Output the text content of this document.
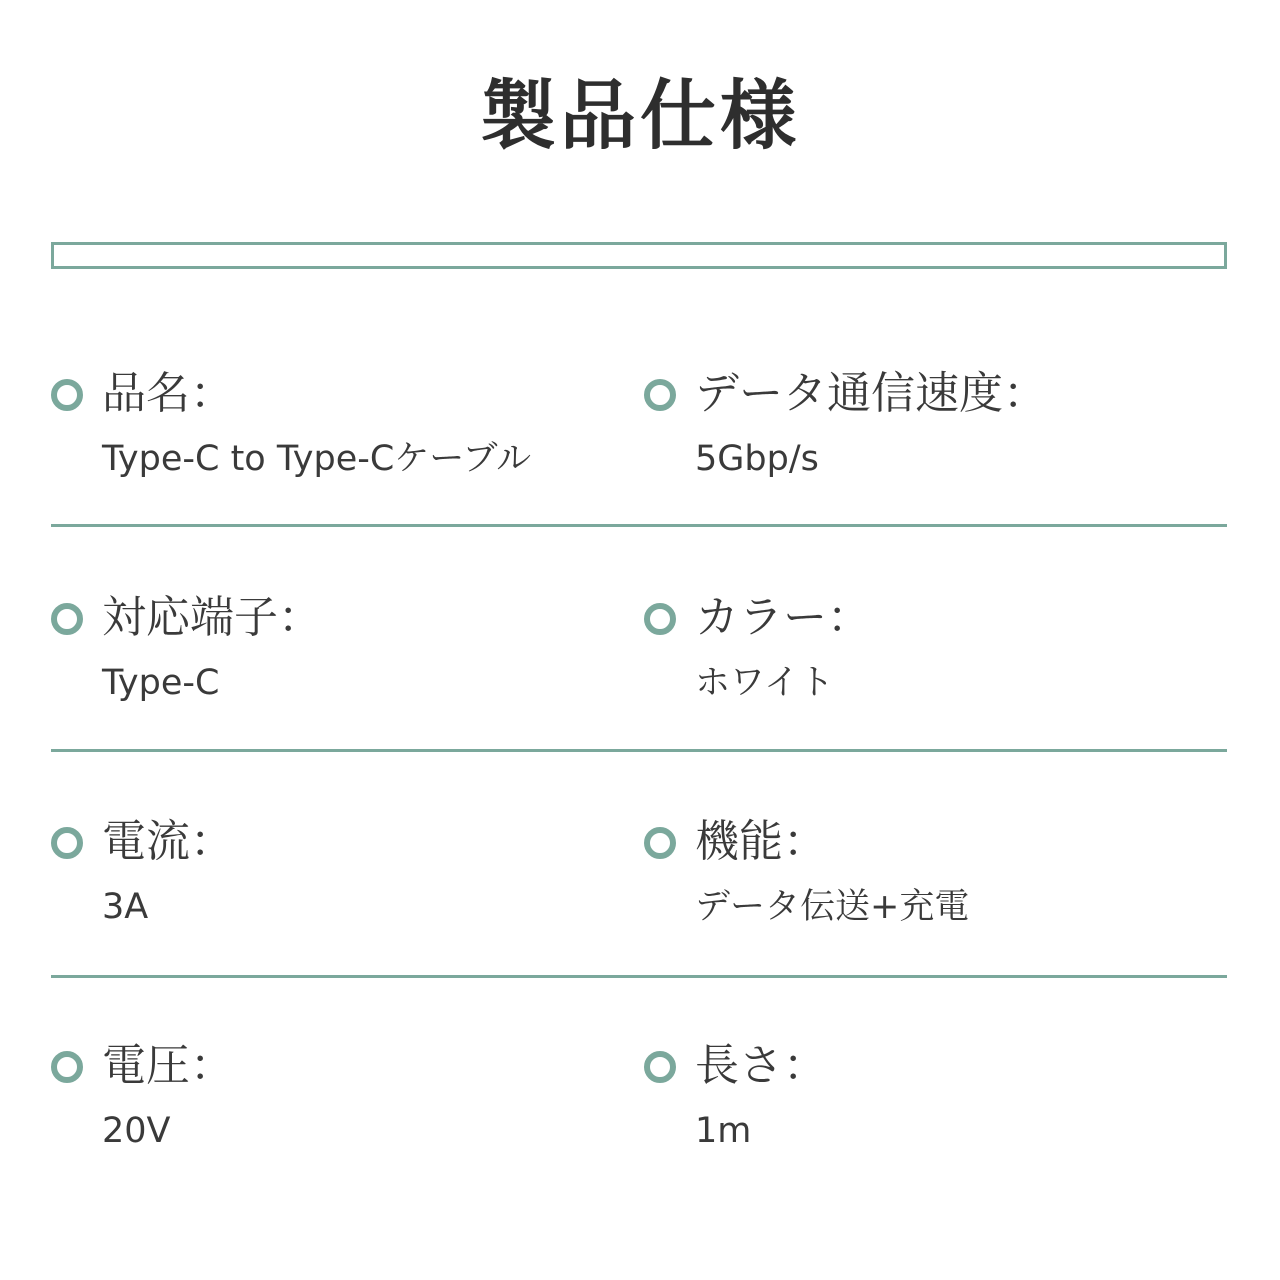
製品仕様
品名：
Type-C to Type-Cケーブル
データ通信速度：
5Gbp/s
対応端子：
Type-C
カラー：
ホワイト
電流：
3A
機能：
データ伝送+充電
電圧：
20V
長さ：
1m
